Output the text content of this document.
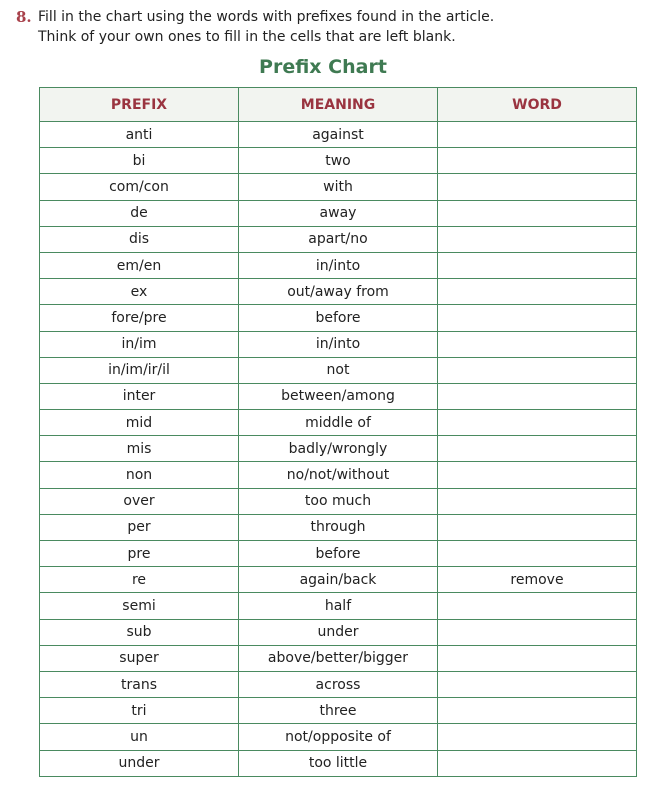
8. Fill in the chart using the words with prefixes found in the article.
Think of your own ones to fill in the cells that are left blank.
Prefix Chart
PREFIX	MEANING	WORD
anti	against	
bi	two	
com/con	with	
de	away	
dis	apart/no	
em/en	in/into	
ex	out/away from	
fore/pre	before	
in/im	in/into	
in/im/ir/il	not	
inter	between/among	
mid	middle of	
mis	badly/wrongly	
non	no/not/without	
over	too much	
per	through	
pre	before	
re	again/back	remove
semi	half	
sub	under	
super	above/better/bigger	
trans	across	
tri	three	
un	not/opposite of	
under	too little	
